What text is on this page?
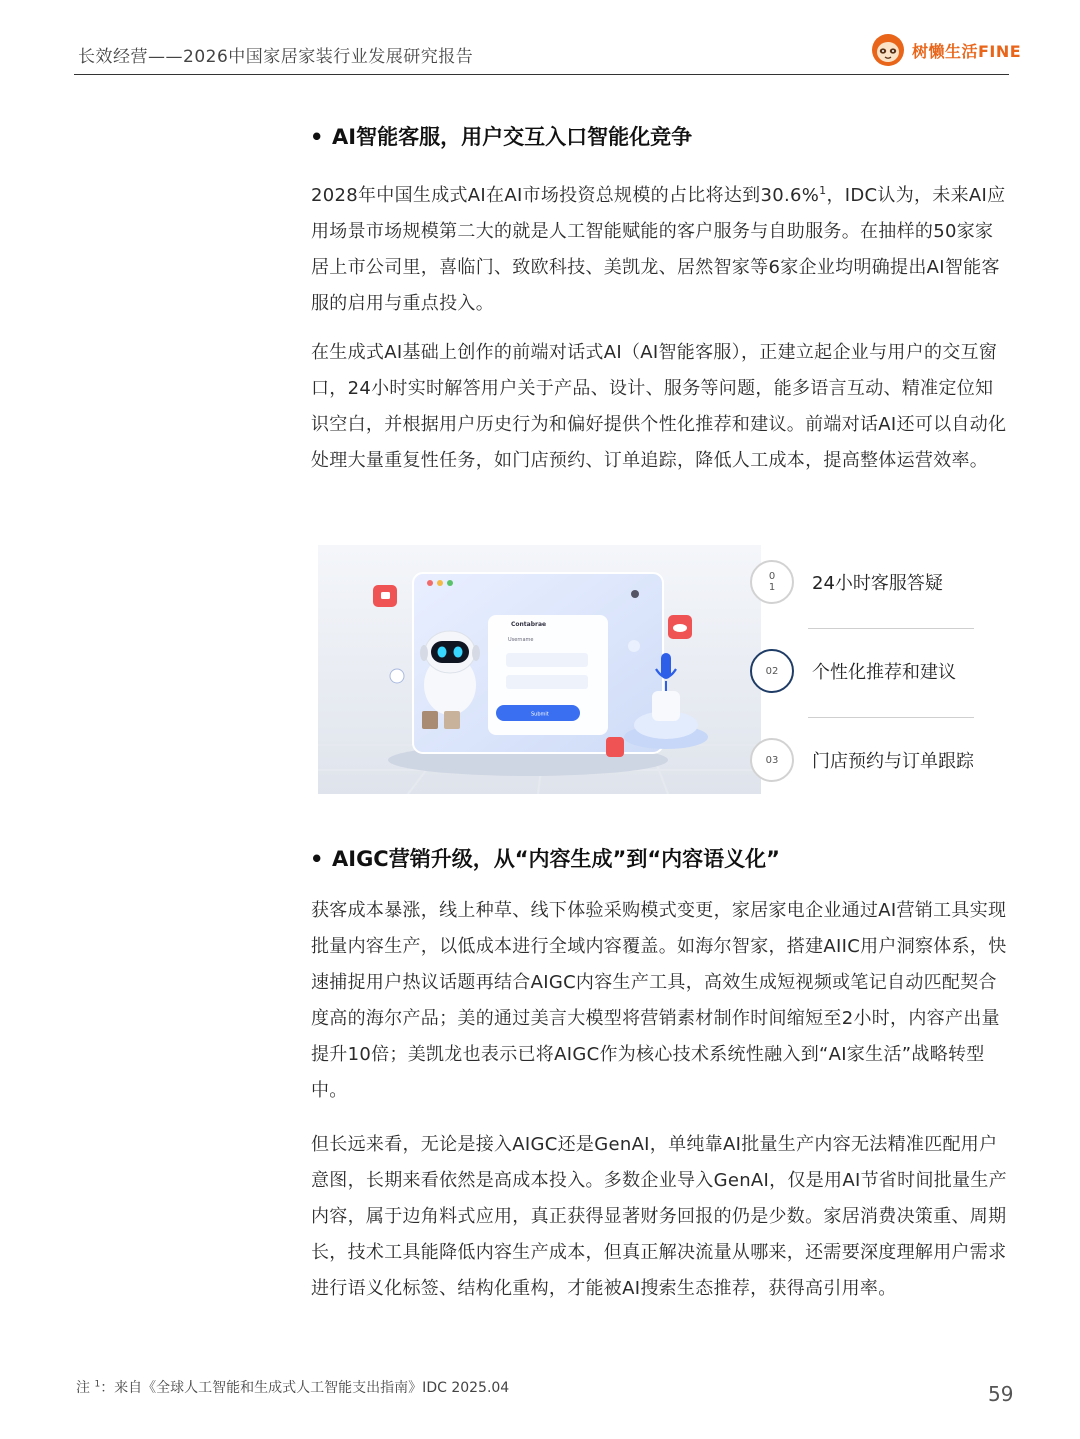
长效经营——2026中国家居家装行业发展研究报告	树懒生活FINE
• AI智能客服，用户交互入口智能化竞争

2028年中国生成式AI在AI市场投资总规模的占比将达到30.6%$^1$，IDC认为，未来AI应用场景市场规模第二大的就是人工智能赋能的客户服务与自助服务。在抽样的50家家居上市公司里，喜临门、致欧科技、美凯龙、居然智家等6家企业均明确提出AI智能客服的启用与重点投入。

在生成式AI基础上创作的前端对话式AI（AI智能客服），正建立起企业与用户的交互窗口，24小时实时解答用户关于产品、设计、服务等问题，能多语言互动、精准定位知识空白，并根据用户历史行为和偏好提供个性化推荐和建议。前端对话AI还可以自动化处理大量重复性任务，如门店预约、订单追踪，降低人工成本，提高整体运营效率。

Contabrae
Username
Submit
0
1 24小时客服答疑
02	个性化推荐和建议
03	门店预约与订单跟踪
• AIGC营销升级，从“内容生成”到“内容语义化”

获客成本暴涨，线上种草、线下体验采购模式变更，家居家电企业通过AI营销工具实现批量内容生产，以低成本进行全域内容覆盖。如海尔智家，搭建AIIC用户洞察体系，快速捕捉用户热议话题再结合AIGC内容生产工具，高效生成短视频或笔记自动匹配契合度高的海尔产品；美的通过美言大模型将营销素材制作时间缩短至2小时，内容产出量提升10倍；美凯龙也表示已将AIGC作为核心技术系统性融入到“AI家生活”战略转型中。

但长远来看，无论是接入AIGC还是GenAI，单纯靠AI批量生产内容无法精准匹配用户意图，长期来看依然是高成本投入。多数企业导入GenAI，仅是用AI节省时间批量生产内容，属于边角料式应用，真正获得显著财务回报的仍是少数。家居消费决策重、周期长，技术工具能降低内容生产成本，但真正解决流量从哪来，还需要深度理解用户需求进行语义化标签、结构化重构，才能被AI搜索生态推荐，获得高引用率。

注 $^1$：来自《全球人工智能和生成式人工智能支出指南》IDC 2025.04	59
